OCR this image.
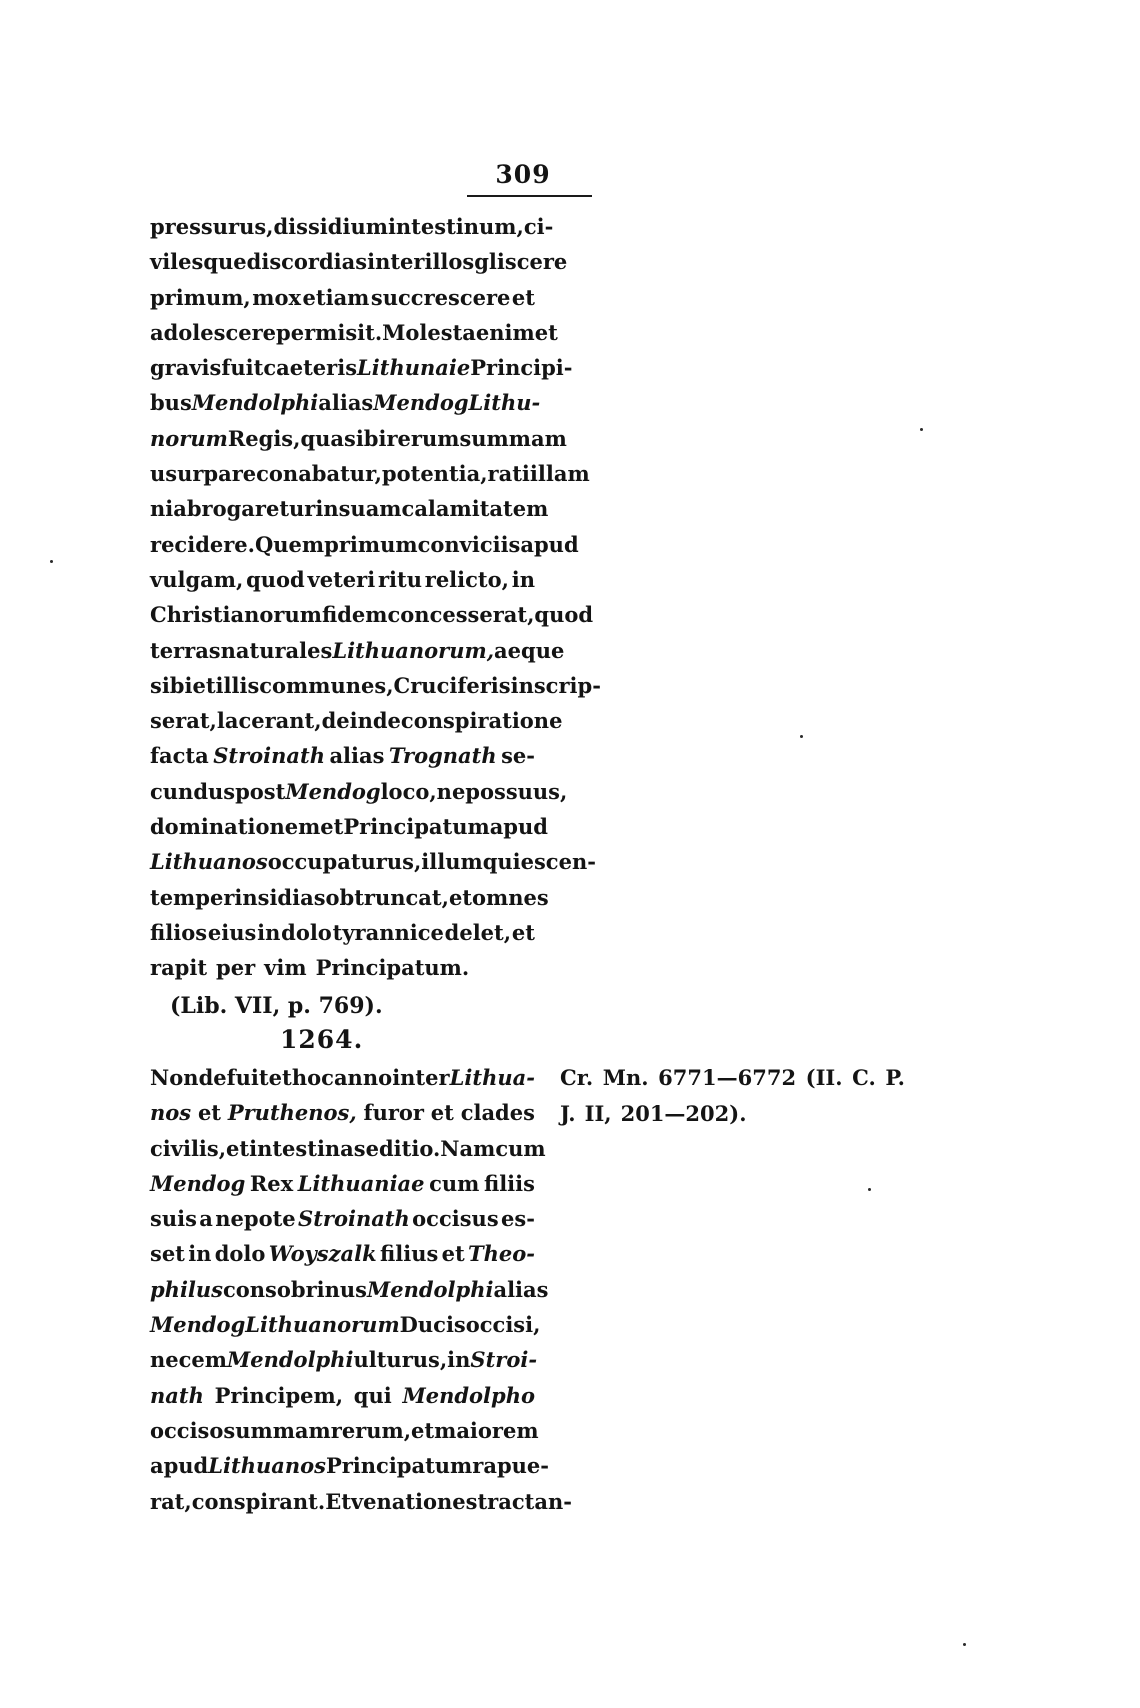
309
pressurus, dissidium intestinum, ci-
vilesque discordias inter illos gliscere
primum, mox etiam succrescere et
adolescere permisit. Molesta enim et
gravis fuit caeteris Lithunaie Principi-
bus Mendolphi alias Mendog Lithu-
norum Regis, qua sibi rerum summam
usurpare conabatur, potentia, rati illam
ni abrogaretur in suam calamitatem
recidere. Quem primum conviciis apud
vulgam, quod veteri ritu relicto, in
Christianorum fidem concesserat, quod
terras naturales Lithuanorum, aeque
sibi et illis communes, Cruciferis inscrip-
serat, lacerant, deinde conspiratione
facta Stroinath alias Trognath se-
cundus post Mendog loco, nepos suus,
dominationem et Principatum apud
Lithuanos occupaturus, illum quiescen-
tem per insidias obtruncat, et omnes
filios eius in dolo tyrannice delet, et
rapit per vim Principatum.
(Lib. VII, p. 769).
1264.
Non defuit et hoc anno inter Lithua-
nos et Pruthenos, furor et clades
civilis, et intestina seditio. Nam cum
Mendog Rex Lithuaniae cum filiis
suis a nepote Stroinath occisus es-
set in dolo Woyszalk filius et Theo-
philus consobrinus Mendolphi alias
Mendog Lithuanorum Ducis occisi,
necem Mendolphi ulturus, in Stroi-
nath Principem, qui Mendolpho
occiso summam rerum, et maiorem
apud Lithuanos Principatum rapue-
rat, conspirant. Et venationes tractan-
Cr. Mn. 6771—6772 (II. C. P.
J. II, 201—202).
